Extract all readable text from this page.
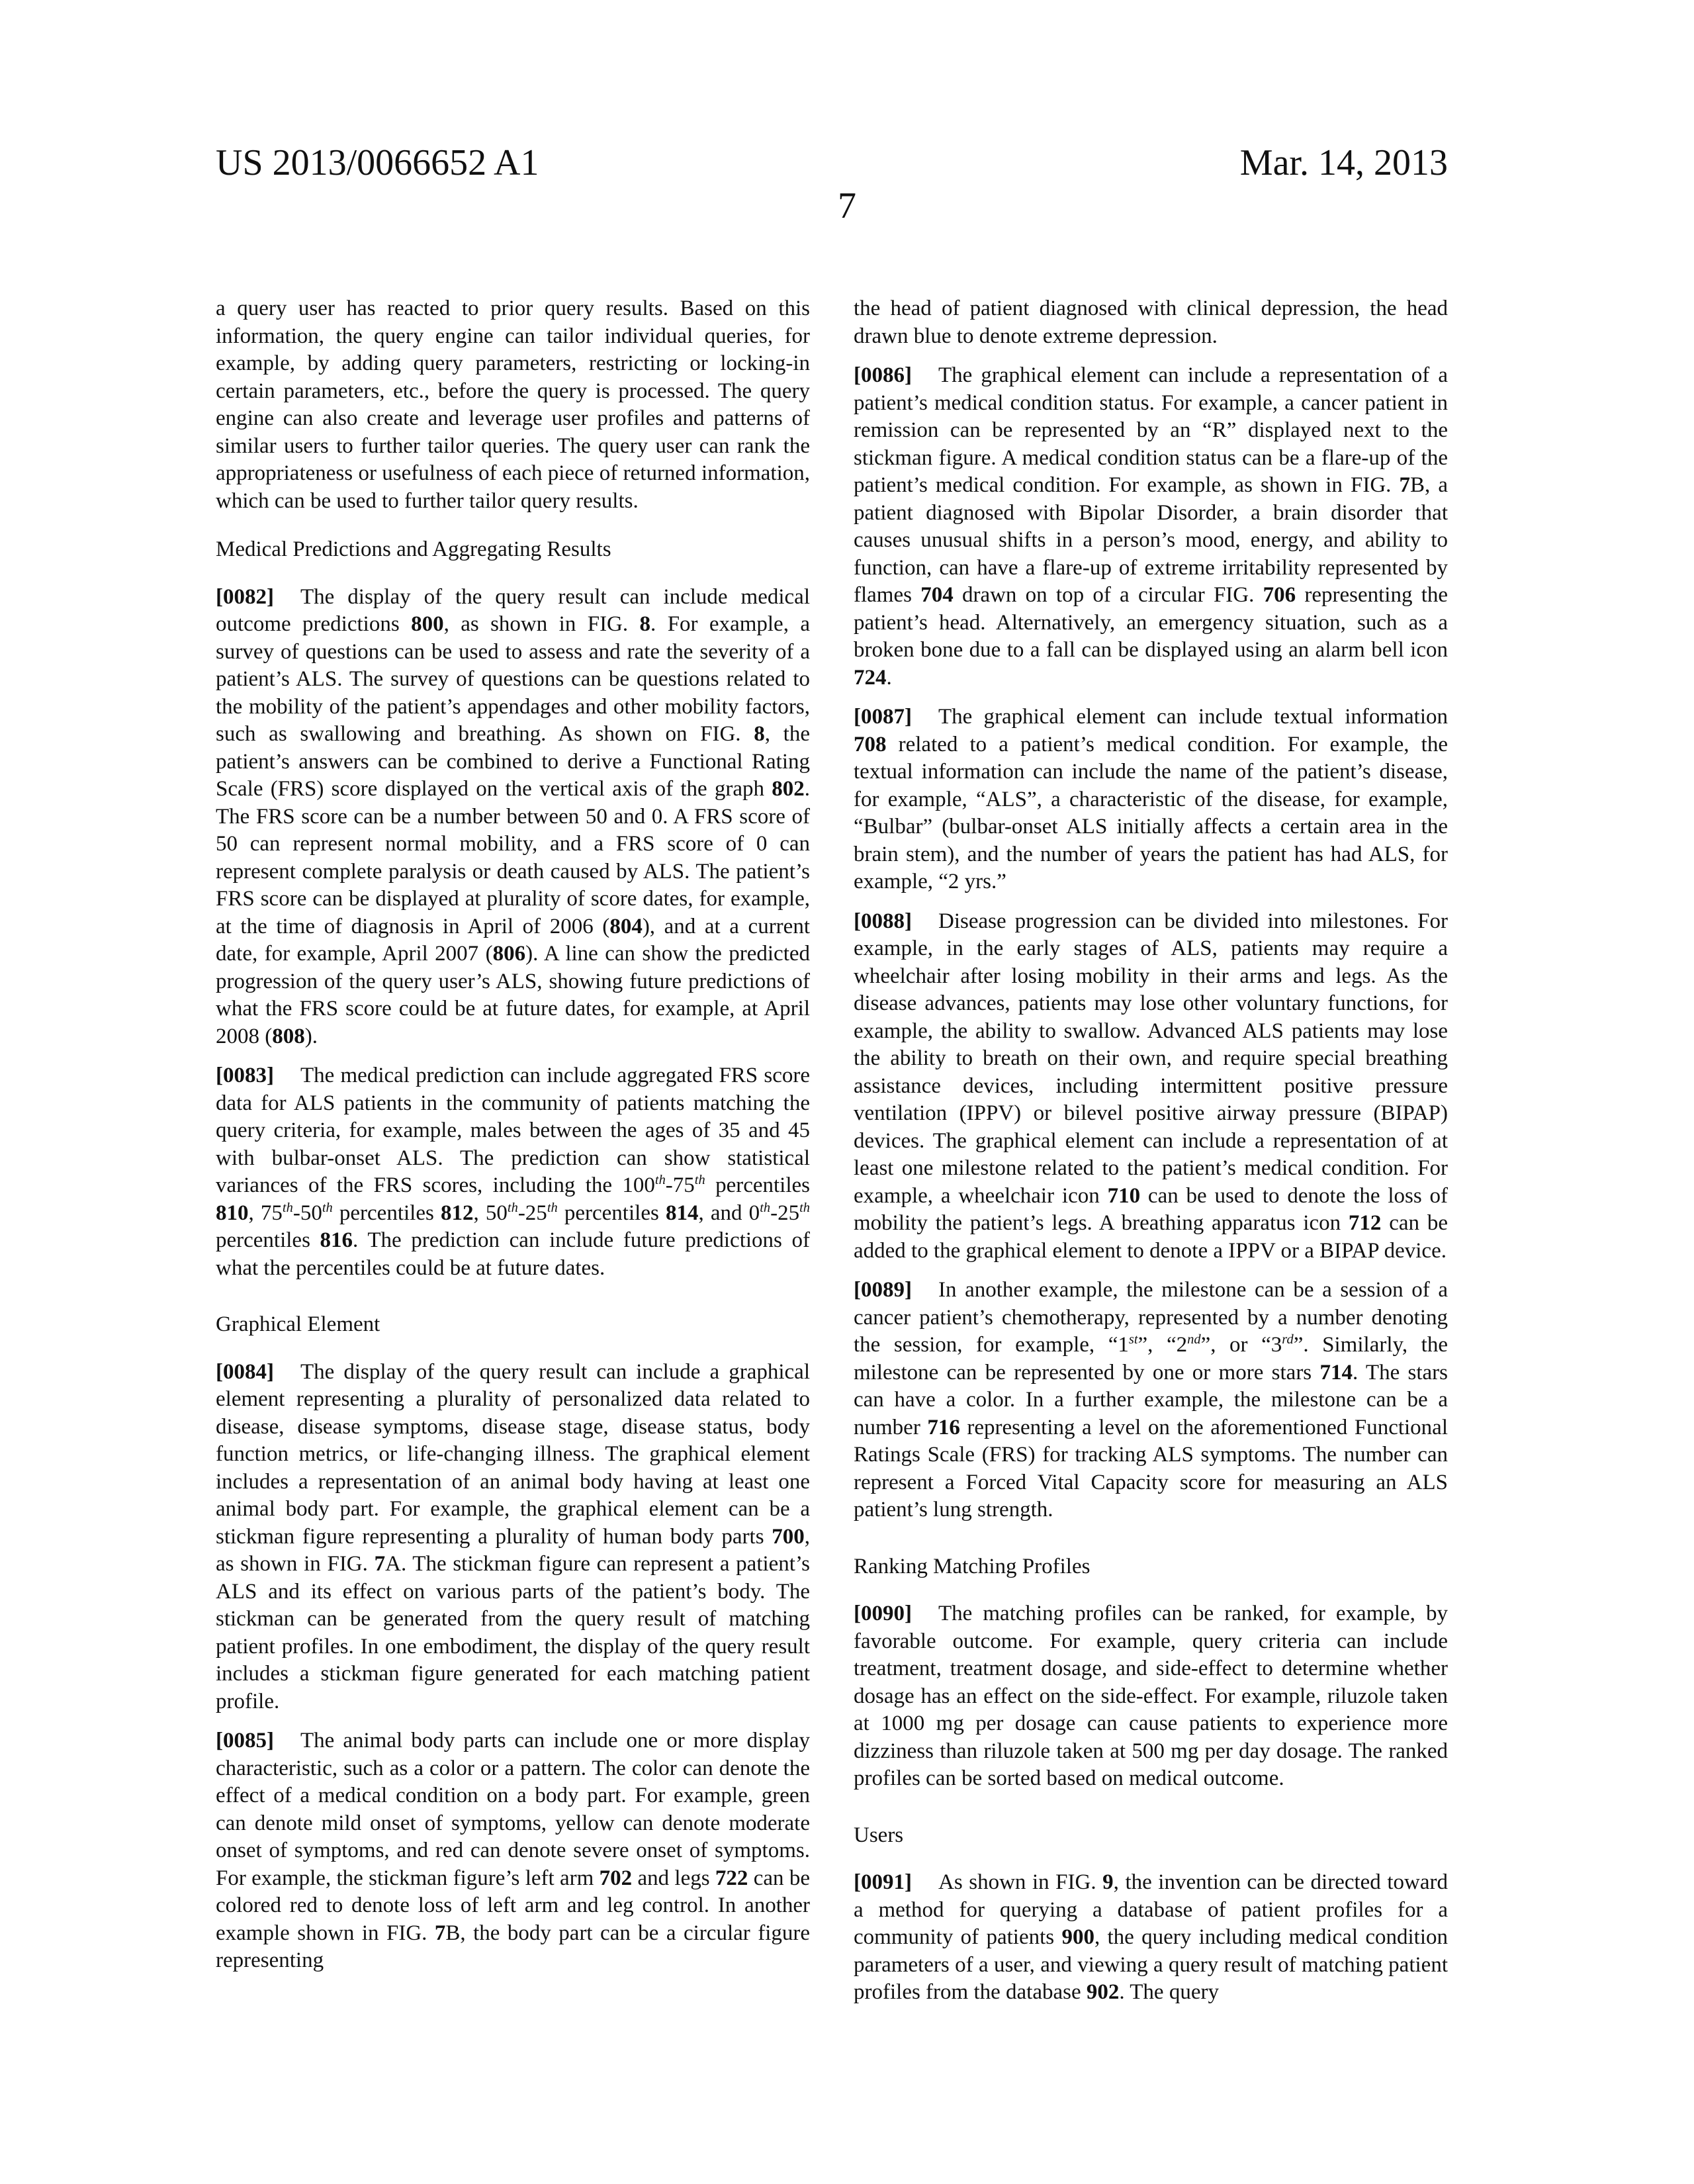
US 2013/0066652 A1	Mar. 14, 2013
7

a query user has reacted to prior query results. Based on this information, the query engine can tailor individual queries, for example, by adding query parameters, restricting or locking-in certain parameters, etc., before the query is processed. The query engine can also create and leverage user profiles and patterns of similar users to further tailor queries. The query user can rank the appropriateness or usefulness of each piece of returned information, which can be used to further tailor query results.

Medical Predictions and Aggregating Results

[0082] The display of the query result can include medical outcome predictions 800, as shown in FIG. 8. For example, a survey of questions can be used to assess and rate the severity of a patient’s ALS. The survey of questions can be questions related to the mobility of the patient’s appendages and other mobility factors, such as swallowing and breathing. As shown on FIG. 8, the patient’s answers can be combined to derive a Functional Rating Scale (FRS) score displayed on the vertical axis of the graph 802. The FRS score can be a number between 50 and 0. A FRS score of 50 can represent normal mobility, and a FRS score of 0 can represent complete paralysis or death caused by ALS. The patient’s FRS score can be displayed at plurality of score dates, for example, at the time of diagnosis in April of 2006 (804), and at a current date, for example, April 2007 (806). A line can show the predicted progression of the query user’s ALS, showing future predictions of what the FRS score could be at future dates, for example, at April 2008 (808).

[0083] The medical prediction can include aggregated FRS score data for ALS patients in the community of patients matching the query criteria, for example, males between the ages of 35 and 45 with bulbar-onset ALS. The prediction can show statistical variances of the FRS scores, including the 100th-75th percentiles 810, 75th-50th percentiles 812, 50th-25th percentiles 814, and 0th-25th percentiles 816. The prediction can include future predictions of what the percentiles could be at future dates.

Graphical Element

[0084] The display of the query result can include a graphical element representing a plurality of personalized data related to disease, disease symptoms, disease stage, disease status, body function metrics, or life-changing illness. The graphical element includes a representation of an animal body having at least one animal body part. For example, the graphical element can be a stickman figure representing a plurality of human body parts 700, as shown in FIG. 7A. The stickman figure can represent a patient’s ALS and its effect on various parts of the patient’s body. The stickman can be generated from the query result of matching patient profiles. In one embodiment, the display of the query result includes a stickman figure generated for each matching patient profile.

[0085] The animal body parts can include one or more display characteristic, such as a color or a pattern. The color can denote the effect of a medical condition on a body part. For example, green can denote mild onset of symptoms, yellow can denote moderate onset of symptoms, and red can denote severe onset of symptoms. For example, the stickman figure’s left arm 702 and legs 722 can be colored red to denote loss of left arm and leg control. In another example shown in FIG. 7B, the body part can be a circular figure representing

the head of patient diagnosed with clinical depression, the head drawn blue to denote extreme depression.

[0086] The graphical element can include a representation of a patient’s medical condition status. For example, a cancer patient in remission can be represented by an “R” displayed next to the stickman figure. A medical condition status can be a flare-up of the patient’s medical condition. For example, as shown in FIG. 7B, a patient diagnosed with Bipolar Disorder, a brain disorder that causes unusual shifts in a person’s mood, energy, and ability to function, can have a flare-up of extreme irritability represented by flames 704 drawn on top of a circular FIG. 706 representing the patient’s head. Alternatively, an emergency situation, such as a broken bone due to a fall can be displayed using an alarm bell icon 724.

[0087] The graphical element can include textual information 708 related to a patient’s medical condition. For example, the textual information can include the name of the patient’s disease, for example, “ALS”, a characteristic of the disease, for example, “Bulbar” (bulbar-onset ALS initially affects a certain area in the brain stem), and the number of years the patient has had ALS, for example, “2 yrs.”

[0088] Disease progression can be divided into milestones. For example, in the early stages of ALS, patients may require a wheelchair after losing mobility in their arms and legs. As the disease advances, patients may lose other voluntary functions, for example, the ability to swallow. Advanced ALS patients may lose the ability to breath on their own, and require special breathing assistance devices, including intermittent positive pressure ventilation (IPPV) or bilevel positive airway pressure (BIPAP) devices. The graphical element can include a representation of at least one milestone related to the patient’s medical condition. For example, a wheelchair icon 710 can be used to denote the loss of mobility the patient’s legs. A breathing apparatus icon 712 can be added to the graphical element to denote a IPPV or a BIPAP device.

[0089] In another example, the milestone can be a session of a cancer patient’s chemotherapy, represented by a number denoting the session, for example, “1st”, “2nd”, or “3rd”. Similarly, the milestone can be represented by one or more stars 714. The stars can have a color. In a further example, the milestone can be a number 716 representing a level on the aforementioned Functional Ratings Scale (FRS) for tracking ALS symptoms. The number can represent a Forced Vital Capacity score for measuring an ALS patient’s lung strength.

Ranking Matching Profiles

[0090] The matching profiles can be ranked, for example, by favorable outcome. For example, query criteria can include treatment, treatment dosage, and side-effect to determine whether dosage has an effect on the side-effect. For example, riluzole taken at 1000 mg per dosage can cause patients to experience more dizziness than riluzole taken at 500 mg per day dosage. The ranked profiles can be sorted based on medical outcome.

Users

[0091] As shown in FIG. 9, the invention can be directed toward a method for querying a database of patient profiles for a community of patients 900, the query including medical condition parameters of a user, and viewing a query result of matching patient profiles from the database 902. The query
